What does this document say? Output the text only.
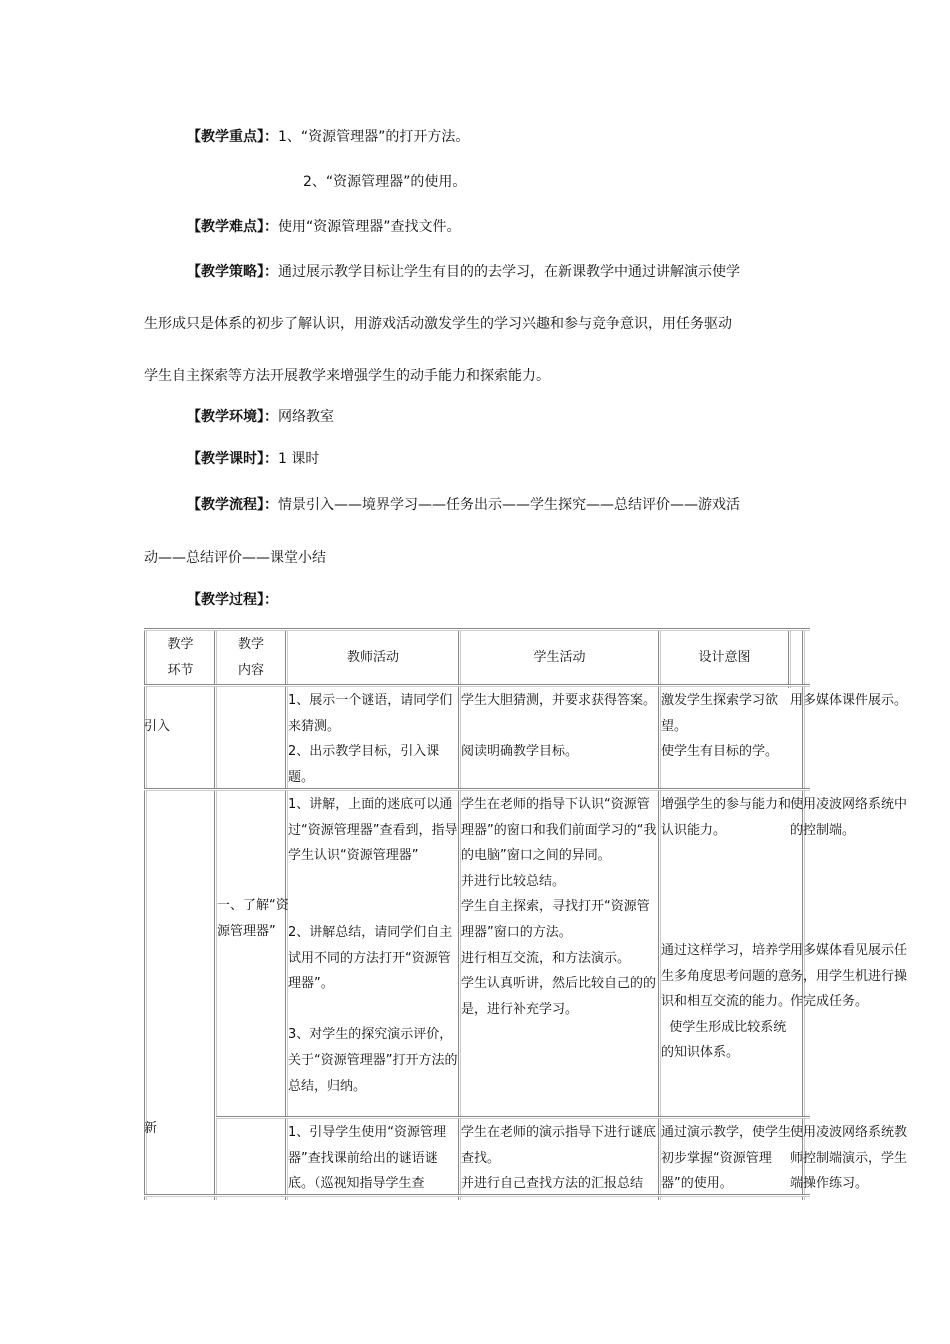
【教学重点】：1、“资源管理器”的打开方法。
2、“资源管理器”的使用。
【教学难点】：使用“资源管理器”查找文件。
【教学策略】：通过展示教学目标让学生有目的的去学习，在新课教学中通过讲解演示使学
生形成只是体系的初步了解认识，用游戏活动激发学生的学习兴趣和参与竞争意识，用任务驱动
学生自主探索等方法开展教学来增强学生的动手能力和探索能力。
【教学环境】：网络教室
【教学课时】：1 课时
【教学流程】：情景引入——境界学习——任务出示——学生探究——总结评价——游戏活
动——总结评价——课堂小结
【教学过程】：

教学
环节

教学
内容

教师活动	学生活动	设计意图

引入

1、展示一个谜语，请同学们来猜测。
2、出示教学目标，引入课题。

学生大胆猜测，并要求获得答案。

阅读明确教学目标。

激发学生探索学习欲望。
使学生有目标的学。

用多媒体课件展示。

新

一、了解“资源管理器”

1、讲解，上面的迷底可以通过“资源管理器”查看到，指导学生认识“资源管理器”

2、讲解总结，请同学们自主试用不同的方法打开“资源管理器”。

3、对学生的探究演示评价，关于“资源管理器”打开方法的总结，归纳。

学生在老师的指导下认识“资源管理器”的窗口和我们前面学习的“我的电脑”窗口之间的异同。
并进行比较总结。
学生自主探索，寻找打开“资源管理器”窗口的方法。
进行相互交流，和方法演示。
学生认真听讲，然后比较自己的的是，进行补充学习。

增强学生的参与能力和认识能力。

通过这样学习，培养学生多角度思考问题的意识和相互交流的能力。
使学生形成比较系统的知识体系。

使用凌波网络系统中的控制端。

用多媒体看见展示任务，用学生机进行操作完成任务。

1、引导学生使用“资源管理器”查找课前给出的谜语谜底。（巡视知指导学生查

学生在老师的演示指导下进行谜底查找。
并进行自己查找方法的汇报总结

通过演示教学，使学生初步掌握“资源管理器”的使用。

使用凌波网络系统教师控制端演示，学生端操作练习。
